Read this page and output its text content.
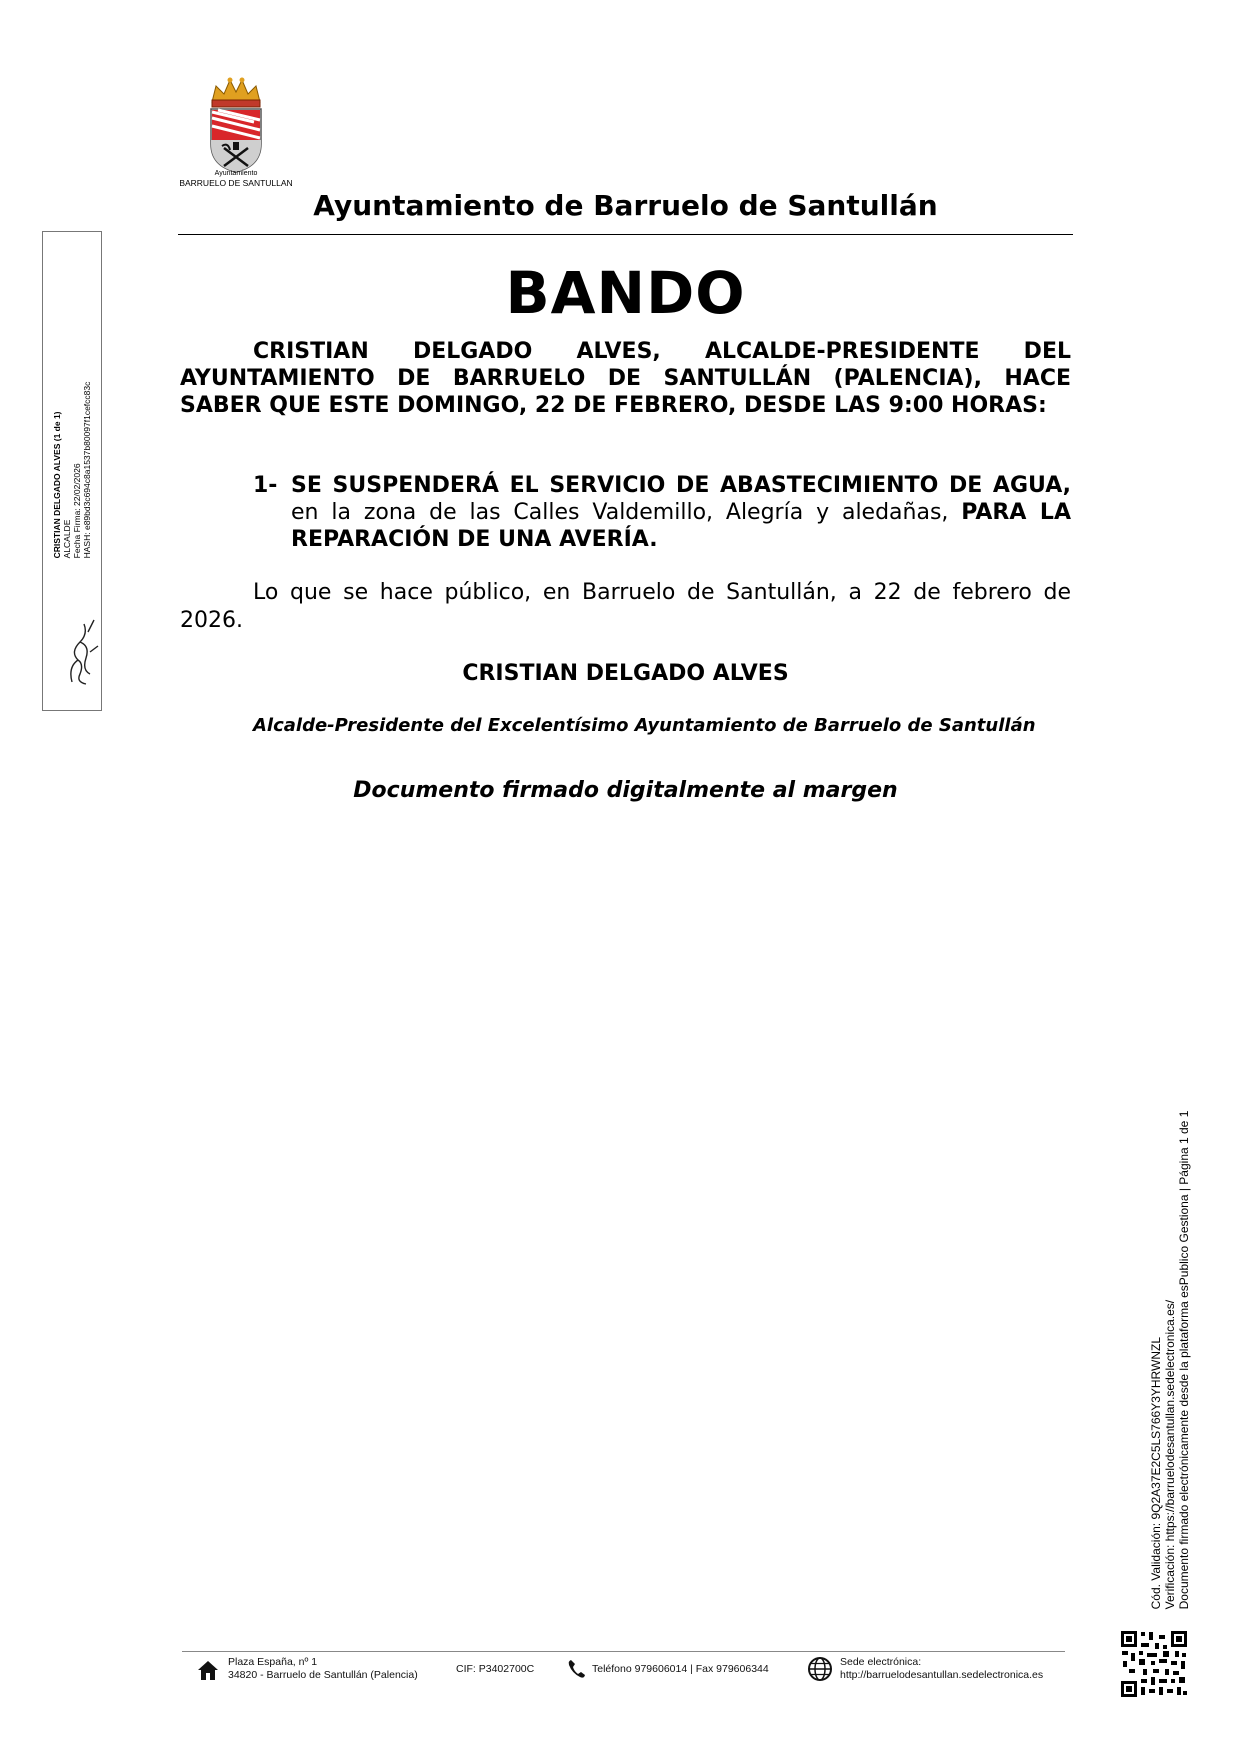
Ayuntamiento
BARRUELO DE SANTULLAN
Ayuntamiento de Barruelo de Santullán
BANDO

CRISTIAN DELGADO ALVES, ALCALDE-PRESIDENTE DEL AYUNTAMIENTO DE BARRUELO DE SANTULLÁN (PALENCIA), HACE SABER QUE ESTE DOMINGO, 22 DE FEBRERO, DESDE LAS 9:00 HORAS:

1- SE SUSPENDERÁ EL SERVICIO DE ABASTECIMIENTO DE AGUA, en la zona de las Calles Valdemillo, Alegría y aledañas, PARA LA REPARACIÓN DE UNA AVERÍA.

Lo que se hace público, en Barruelo de Santullán, a 22 de febrero de 2026.

CRISTIAN DELGADO ALVES

Alcalde-Presidente del Excelentísimo Ayuntamiento de Barruelo de Santullán

Documento firmado digitalmente al margen
CRISTIAN DELGADO ALVES (1 de 1) ALCALDE Fecha Firma: 22/02/2026 HASH: e89bd3c694c8a1537b80097f1cefcc83c
Cód. Validación: 9Q2A37E2C5LS766Y3YHRWNZL Verificación: https://barruelodesantullan.sedelectronica.es/ Documento firmado electrónicamente desde la plataforma esPublico Gestiona | Página 1 de 1
Plaza España, nº 1
34820 - Barruelo de Santullán (Palencia)	CIF: P3402700C	Teléfono 979606014 | Fax 979606344
Sede electrónica:
http://barruelodesantullan.sedelectronica.es
